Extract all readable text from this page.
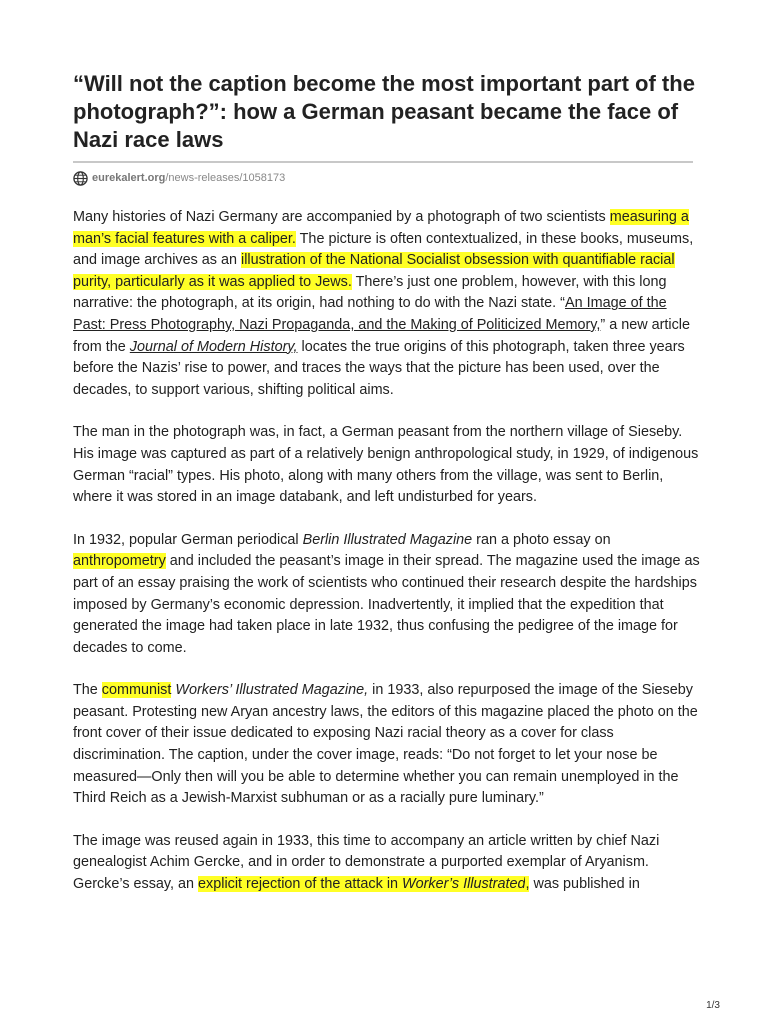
“Will not the caption become the most important part of the photograph?”: how a German peasant became the face of Nazi race laws
eurekalert.org /news-releases/1058173

Many histories of Nazi Germany are accompanied by a photograph of two scientists measuring a man’s facial features with a caliper. The picture is often contextualized, in these books, museums, and image archives as an illustration of the National Socialist obsession with quantifiable racial purity, particularly as it was applied to Jews. There’s just one problem, however, with this long narrative: the photograph, at its origin, had nothing to do with the Nazi state. “An Image of the Past: Press Photography, Nazi Propaganda, and the Making of Politicized Memory,” a new article from the Journal of Modern History, locates the true origins of this photograph, taken three years before the Nazis’ rise to power, and traces the ways that the picture has been used, over the decades, to support various, shifting political aims.

The man in the photograph was, in fact, a German peasant from the northern village of Sieseby. His image was captured as part of a relatively benign anthropological study, in 1929, of indigenous German “racial” types. His photo, along with many others from the village, was sent to Berlin, where it was stored in an image databank, and left undisturbed for years.

In 1932, popular German periodical Berlin Illustrated Magazine ran a photo essay on anthropometry and included the peasant’s image in their spread. The magazine used the image as part of an essay praising the work of scientists who continued their research despite the hardships imposed by Germany’s economic depression. Inadvertently, it implied that the expedition that generated the image had taken place in late 1932, thus confusing the pedigree of the image for decades to come.

The communist Workers’ Illustrated Magazine, in 1933, also repurposed the image of the Sieseby peasant. Protesting new Aryan ancestry laws, the editors of this magazine placed the photo on the front cover of their issue dedicated to exposing Nazi racial theory as a cover for class discrimination. The caption, under the cover image, reads: “Do not forget to let your nose be measured—Only then will you be able to determine whether you can remain unemployed in the Third Reich as a Jewish-Marxist subhuman or as a racially pure luminary.”

The image was reused again in 1933, this time to accompany an article written by chief Nazi genealogist Achim Gercke, and in order to demonstrate a purported exemplar of Aryanism. Gercke’s essay, an explicit rejection of the attack in Worker’s Illustrated, was published in

1/3
